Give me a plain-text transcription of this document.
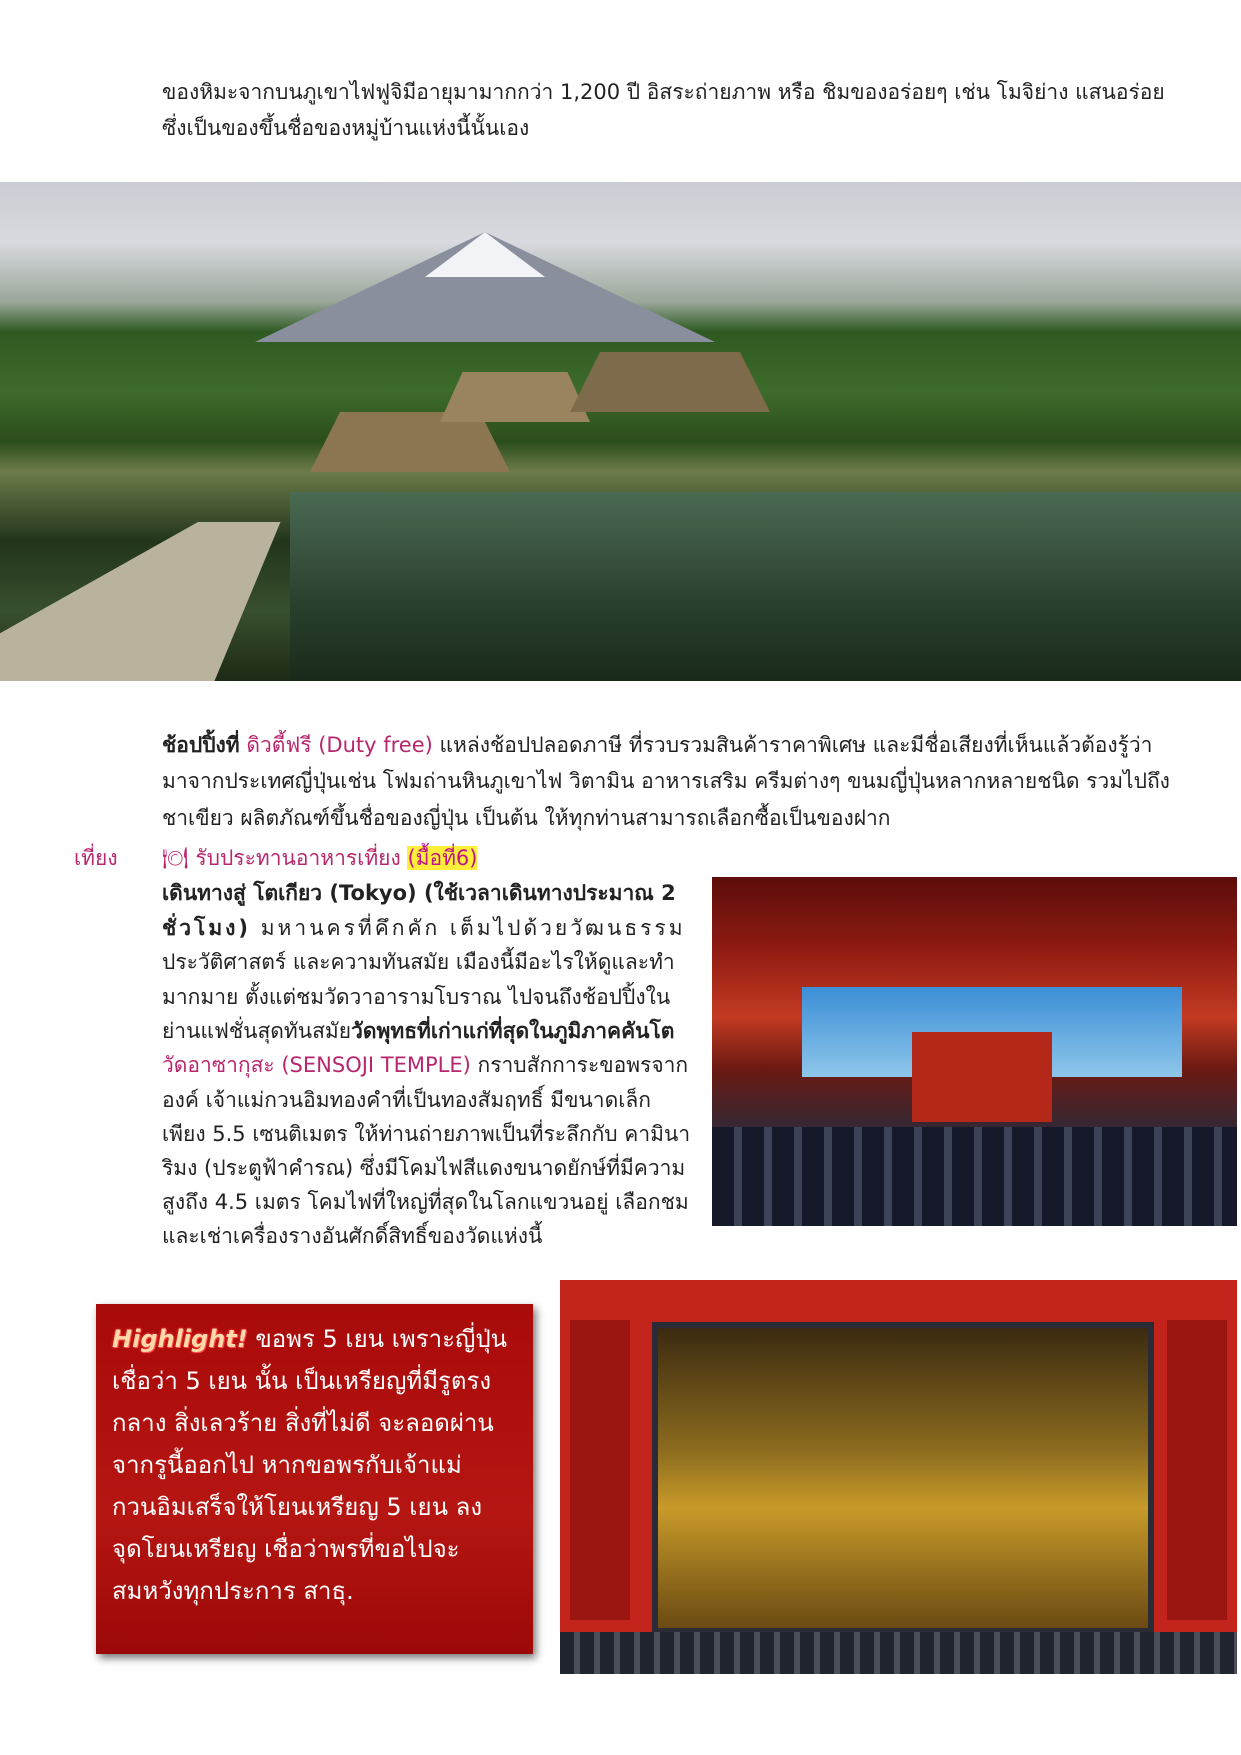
ของหิมะจากบนภูเขาไฟฟูจิมีอายุมามากกว่า 1,200 ปี อิสระถ่ายภาพ หรือ ชิมของอร่อยๆ เช่น โมจิย่าง แสนอร่อย

ซึ่งเป็นของขึ้นชื่อของหมู่บ้านแห่งนี้นั้นเอง

ช้อปปิ้งที่ ดิวตี้ฟรี (Duty free) แหล่งช้อปปลอดภาษี ที่รวบรวมสินค้าราคาพิเศษ และมีชื่อเสียงที่เห็นแล้วต้องรู้ว่า

มาจากประเทศญี่ปุ่นเช่น โฟมถ่านหินภูเขาไฟ วิตามิน อาหารเสริม ครีมต่างๆ ขนมญี่ปุ่นหลากหลายชนิด รวมไปถึง

ชาเขียว ผลิตภัณฑ์ขึ้นชื่อของญี่ปุ่น เป็นต้น ให้ทุกท่านสามารถเลือกซื้อเป็นของฝาก

เที่ยง 🍽 รับประทานอาหารเที่ยง (มื้อที่6)

เดินทางสู่ โตเกียว (Tokyo) (ใช้เวลาเดินทางประมาณ 2

ชั่วโมง) มหานครที่คึกคัก เต็มไปด้วยวัฒนธรรม

ประวัติศาสตร์ และความทันสมัย เมืองนี้มีอะไรให้ดูและทำ

มากมาย ตั้งแต่ชมวัดวาอารามโบราณ ไปจนถึงช้อปปิ้งใน

ย่านแฟชั่นสุดทันสมัยวัดพุทธที่เก่าแก่ที่สุดในภูมิภาคคันโต

วัดอาซากุสะ (SENSOJI TEMPLE) กราบสักการะขอพรจาก

องค์ เจ้าแม่กวนอิมทองคำที่เป็นทองสัมฤทธิ์ มีขนาดเล็ก

เพียง 5.5 เซนติเมตร ให้ท่านถ่ายภาพเป็นที่ระลึกกับ คามินา

ริมง (ประตูฟ้าคำรณ) ซึ่งมีโคมไฟสีแดงขนาดยักษ์ที่มีความ

สูงถึง 4.5 เมตร โคมไฟที่ใหญ่ที่สุดในโลกแขวนอยู่ เลือกชม

และเช่าเครื่องรางอันศักดิ์สิทธิ์ของวัดแห่งนี้

Highlight! ขอพร 5 เยน เพราะญี่ปุ่น
เชื่อว่า 5 เยน นั้น เป็นเหรียญที่มีรูตรง
กลาง สิ่งเลวร้าย สิ่งที่ไม่ดี จะลอดผ่าน
จากรูนี้ออกไป หากขอพรกับเจ้าแม่
กวนอิมเสร็จให้โยนเหรียญ 5 เยน ลง
จุดโยนเหรียญ เชื่อว่าพรที่ขอไปจะ
สมหวังทุกประการ สาธุ.
